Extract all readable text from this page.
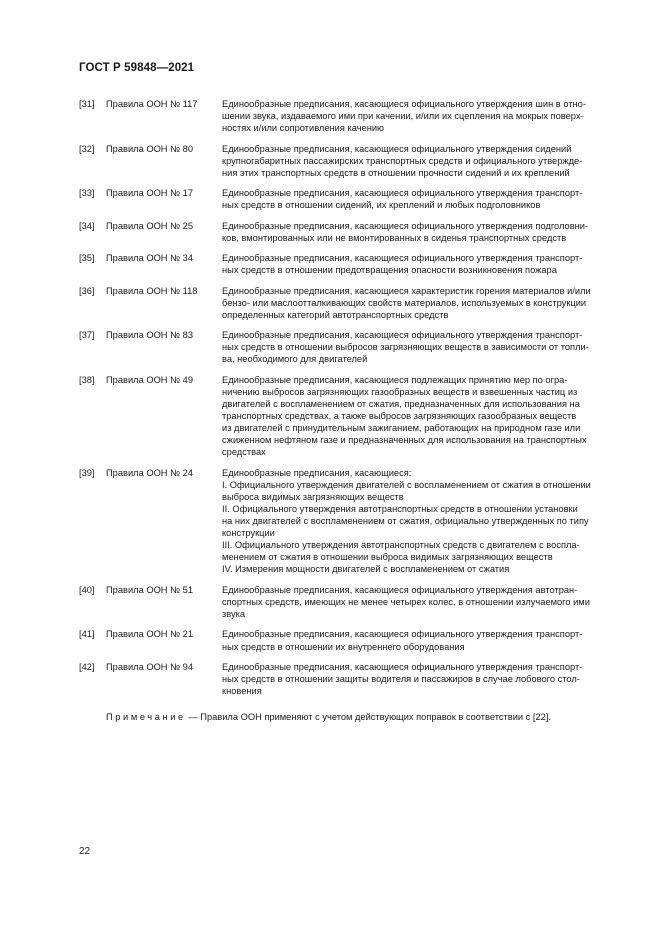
ГОСТ Р 59848—2021
[31]	Правила ООН № 117	Единообразные предписания, касающиеся официального утверждения шин в отно-
шении звука, издаваемого ими при качении, и/или их сцепления на мокрых поверх-
ностях и/или сопротивления качению
[32]	Правила ООН № 80	Единообразные предписания, касающиеся официального утверждения сидений
крупногабаритных пассажирских транспортных средств и официального утвержде-
ния этих транспортных средств в отношении прочности сидений и их креплений
[33]	Правила ООН № 17	Единообразные предписания, касающиеся официального утверждения транспорт-
ных средств в отношении сидений, их креплений и любых подголовников
[34]	Правила ООН № 25	Единообразные предписания, касающиеся официального утверждения подголовни-
ков, вмонтированных или не вмонтированных в сиденья транспортных средств
[35]	Правила ООН № 34	Единообразные предписания, касающиеся официального утверждения транспорт-
ных средств в отношении предотвращения опасности возникновения пожара
[36]	Правила ООН № 118	Единообразные предписания, касающиеся характеристик горения материалов и/или
бензо- или маслоотталкивающих свойств материалов, используемых в конструкции
определенных категорий автотранспортных средств
[37]	Правила ООН № 83	Единообразные предписания, касающиеся официального утверждения транспорт-
ных средств в отношении выбросов загрязняющих веществ в зависимости от топли-
ва, необходимого для двигателей
[38]	Правила ООН № 49	Единообразные предписания, касающиеся подлежащих принятию мер по огра-
ничению выбросов загрязняющих газообразных веществ и взвешенных частиц из
двигателей с воспламенением от сжатия, предназначенных для использования на
транспортных средствах, а также выбросов загрязняющих газообразных веществ
из двигателей с принудительным зажиганием, работающих на природном газе или
сжиженном нефтяном газе и предназначенных для использования на транспортных
средствах
[39]	Правила ООН № 24	Единообразные предписания, касающиеся:
I. Официального утверждения двигателей с воспламенением от сжатия в отношении
выброса видимых загрязняющих веществ
II. Официального утверждения автотранспортных средств в отношении установки
на них двигателей с воспламенением от сжатия, официально утвержденных по типу
конструкции
III. Официального утверждения автотранспортных средств с двигателем с воспла-
менением от сжатия в отношении выброса видимых загрязняющих веществ
IV. Измерения мощности двигателей с воспламенением от сжатия
[40]	Правила ООН № 51	Единообразные предписания, касающиеся официального утверждения автотран-
спортных средств, имеющих не менее четырех колес, в отношении излучаемого ими
звука
[41]	Правила ООН № 21	Единообразные предписания, касающиеся официального утверждения транспорт-
ных средств в отношении их внутреннего оборудования
[42]	Правила ООН № 94	Единообразные предписания, касающиеся официального утверждения транспорт-
ных средств в отношении защиты водителя и пассажиров в случае лобового стол-
кновения
Примечание — Правила ООН применяют с учетом действующих поправок в соответствии с [22].
22
